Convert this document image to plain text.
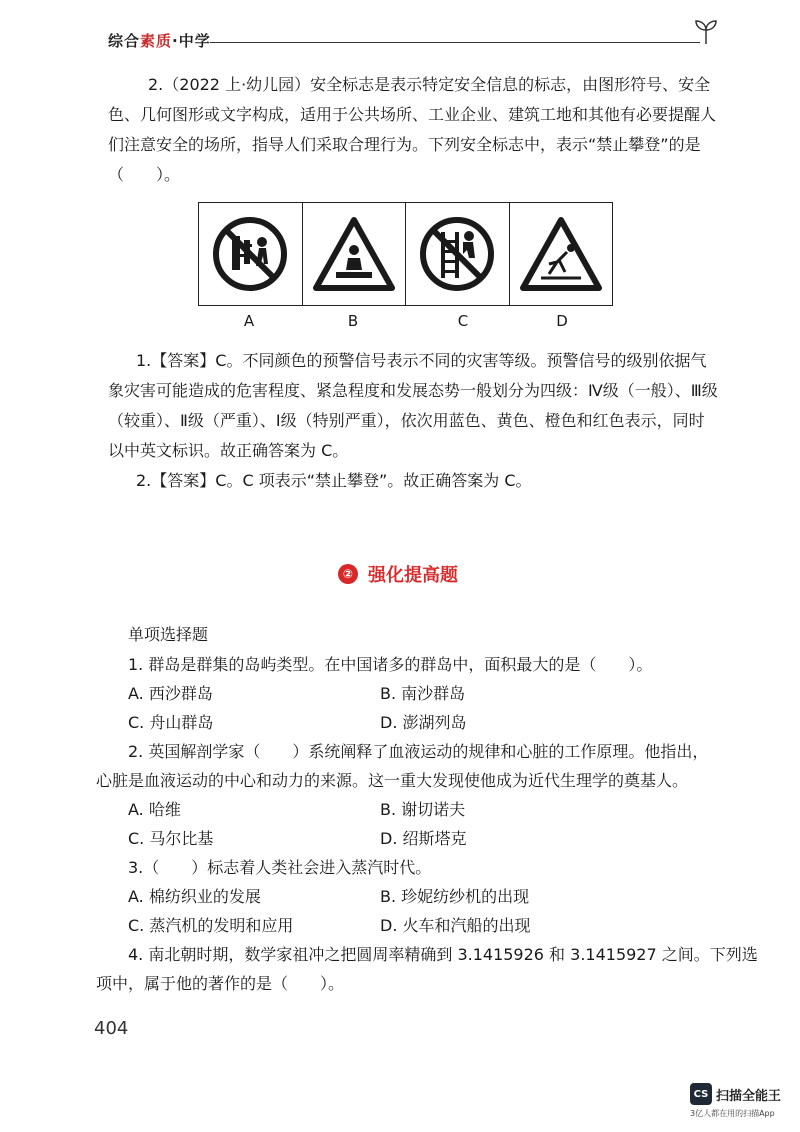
综合素质·中学
2.（2022 上·幼儿园）安全标志是表示特定安全信息的标志，由图形符号、安全
色、几何图形或文字构成，适用于公共场所、工业企业、建筑工地和其他有必要提醒人
们注意安全的场所，指导人们采取合理行为。下列安全标志中，表示“禁止攀登”的是
（　　）。
A	B	C	D
1.【答案】C。不同颜色的预警信号表示不同的灾害等级。预警信号的级别依据气
象灾害可能造成的危害程度、紧急程度和发展态势一般划分为四级：Ⅳ级（一般）、Ⅲ级
（较重）、Ⅱ级（严重）、Ⅰ级（特别严重），依次用蓝色、黄色、橙色和红色表示，同时
以中英文标识。故正确答案为 C。
2.【答案】C。C 项表示“禁止攀登”。故正确答案为 C。
② 强化提高题
单项选择题
1. 群岛是群集的岛屿类型。在中国诸多的群岛中，面积最大的是（　　）。
A. 西沙群岛	B. 南沙群岛
C. 舟山群岛	D. 澎湖列岛
2. 英国解剖学家（　　）系统阐释了血液运动的规律和心脏的工作原理。他指出，
心脏是血液运动的中心和动力的来源。这一重大发现使他成为近代生理学的奠基人。
A. 哈维	B. 谢切诺夫
C. 马尔比基	D. 绍斯塔克
3.（　　）标志着人类社会进入蒸汽时代。
A. 棉纺织业的发展	B. 珍妮纺纱机的出现
C. 蒸汽机的发明和应用	D. 火车和汽船的出现
4. 南北朝时期，数学家祖冲之把圆周率精确到 3.1415926 和 3.1415927 之间。下列选
项中，属于他的著作的是（　　）。
404
CS 扫描全能王
3亿人都在用的扫描App
